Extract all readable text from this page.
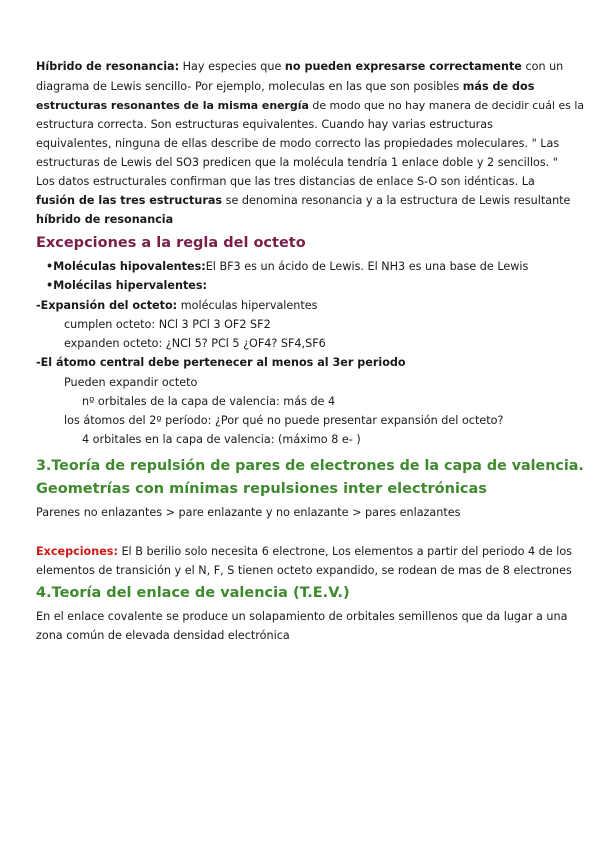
Híbrido de resonancia: Hay especies que no pueden expresarse correctamente con un
diagrama de Lewis sencillo- Por ejemplo, moleculas en las que son posibles más de dos
estructuras resonantes de la misma energía de modo que no hay manera de decidir cuál es la
estructura correcta. Son estructuras equivalentes. Cuando hay varias estructuras
equivalentes, ninguna de ellas describe de modo correcto las propiedades moleculares. " Las
estructuras de Lewis del SO3 predicen que la molécula tendría 1 enlace doble y 2 sencillos. "
Los datos estructurales confirman que las tres distancias de enlace S-O son idénticas. La
fusión de las tres estructuras se denomina resonancia y a la estructura de Lewis resultante
híbrido de resonancia
Excepciones a la regla del octeto
•Moléculas hipovalentes:El BF3 es un ácido de Lewis. El NH3 es una base de Lewis
•Molécilas hipervalentes:
-Expansión del octeto: moléculas hipervalentes
cumplen octeto: NCl 3 PCl 3 OF2 SF2
expanden octeto: ¿NCl 5? PCl 5 ¿OF4? SF4,SF6
-El átomo central debe pertenecer al menos al 3er periodo
Pueden expandir octeto
nº orbitales de la capa de valencia: más de 4
los átomos del 2º período: ¿Por qué no puede presentar expansión del octeto?
4 orbitales en la capa de valencia: (máximo 8 e- )
3.Teoría de repulsión de pares de electrones de la capa de valencia.
Geometrías con mínimas repulsiones inter electrónicas
Parenes no enlazantes > pare enlazante y no enlazante > pares enlazantes
Excepciones: El B berilio solo necesita 6 electrone, Los elementos a partir del periodo 4 de los
elementos de transición y el N, F, S tienen octeto expandido, se rodean de mas de 8 electrones
4.Teoría del enlace de valencia (T.E.V.)
En el enlace covalente se produce un solapamiento de orbitales semillenos que da lugar a una
zona común de elevada densidad electrónica
